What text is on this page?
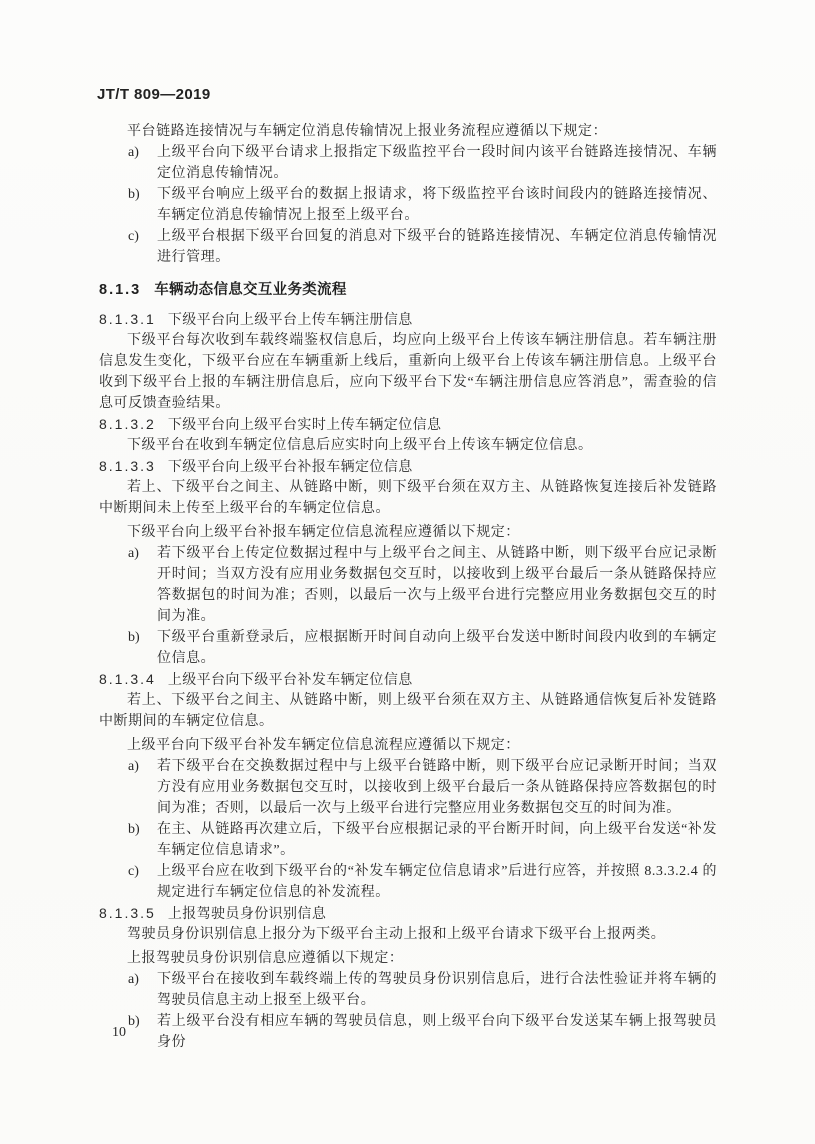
JT/T 809—2019

平台链路连接情况与车辆定位消息传输情况上报业务流程应遵循以下规定：

a) 上级平台向下级平台请求上报指定下级监控平台一段时间内该平台链路连接情况、车辆定位消息传输情况。
b) 下级平台响应上级平台的数据上报请求，将下级监控平台该时间段内的链路连接情况、车辆定位消息传输情况上报至上级平台。
c) 上级平台根据下级平台回复的消息对下级平台的链路连接情况、车辆定位消息传输情况进行管理。
8.1.3 车辆动态信息交互业务类流程
8.1.3.1 下级平台向上级平台上传车辆注册信息

下级平台每次收到车载终端鉴权信息后，均应向上级平台上传该车辆注册信息。若车辆注册信息发生变化，下级平台应在车辆重新上线后，重新向上级平台上传该车辆注册信息。上级平台收到下级平台上报的车辆注册信息后，应向下级平台下发“车辆注册信息应答消息”，需查验的信息可反馈查验结果。

8.1.3.2 下级平台向上级平台实时上传车辆定位信息

下级平台在收到车辆定位信息后应实时向上级平台上传该车辆定位信息。

8.1.3.3 下级平台向上级平台补报车辆定位信息

若上、下级平台之间主、从链路中断，则下级平台须在双方主、从链路恢复连接后补发链路中断期间未上传至上级平台的车辆定位信息。

下级平台向上级平台补报车辆定位信息流程应遵循以下规定：

a) 若下级平台上传定位数据过程中与上级平台之间主、从链路中断，则下级平台应记录断开时间；当双方没有应用业务数据包交互时，以接收到上级平台最后一条从链路保持应答数据包的时间为准；否则，以最后一次与上级平台进行完整应用业务数据包交互的时间为准。
b) 下级平台重新登录后，应根据断开时间自动向上级平台发送中断时间段内收到的车辆定位信息。
8.1.3.4 上级平台向下级平台补发车辆定位信息

若上、下级平台之间主、从链路中断，则上级平台须在双方主、从链路通信恢复后补发链路中断期间的车辆定位信息。

上级平台向下级平台补发车辆定位信息流程应遵循以下规定：

a) 若下级平台在交换数据过程中与上级平台链路中断，则下级平台应记录断开时间；当双方没有应用业务数据包交互时，以接收到上级平台最后一条从链路保持应答数据包的时间为准；否则，以最后一次与上级平台进行完整应用业务数据包交互的时间为准。
b) 在主、从链路再次建立后，下级平台应根据记录的平台断开时间，向上级平台发送“补发车辆定位信息请求”。
c) 上级平台应在收到下级平台的“补发车辆定位信息请求”后进行应答，并按照 8.3.3.2.4 的规定进行车辆定位信息的补发流程。
8.1.3.5 上报驾驶员身份识别信息

驾驶员身份识别信息上报分为下级平台主动上报和上级平台请求下级平台上报两类。

上报驾驶员身份识别信息应遵循以下规定：

a) 下级平台在接收到车载终端上传的驾驶员身份识别信息后，进行合法性验证并将车辆的驾驶员信息主动上报至上级平台。
b) 若上级平台没有相应车辆的驾驶员信息，则上级平台向下级平台发送某车辆上报驾驶员身份
10
